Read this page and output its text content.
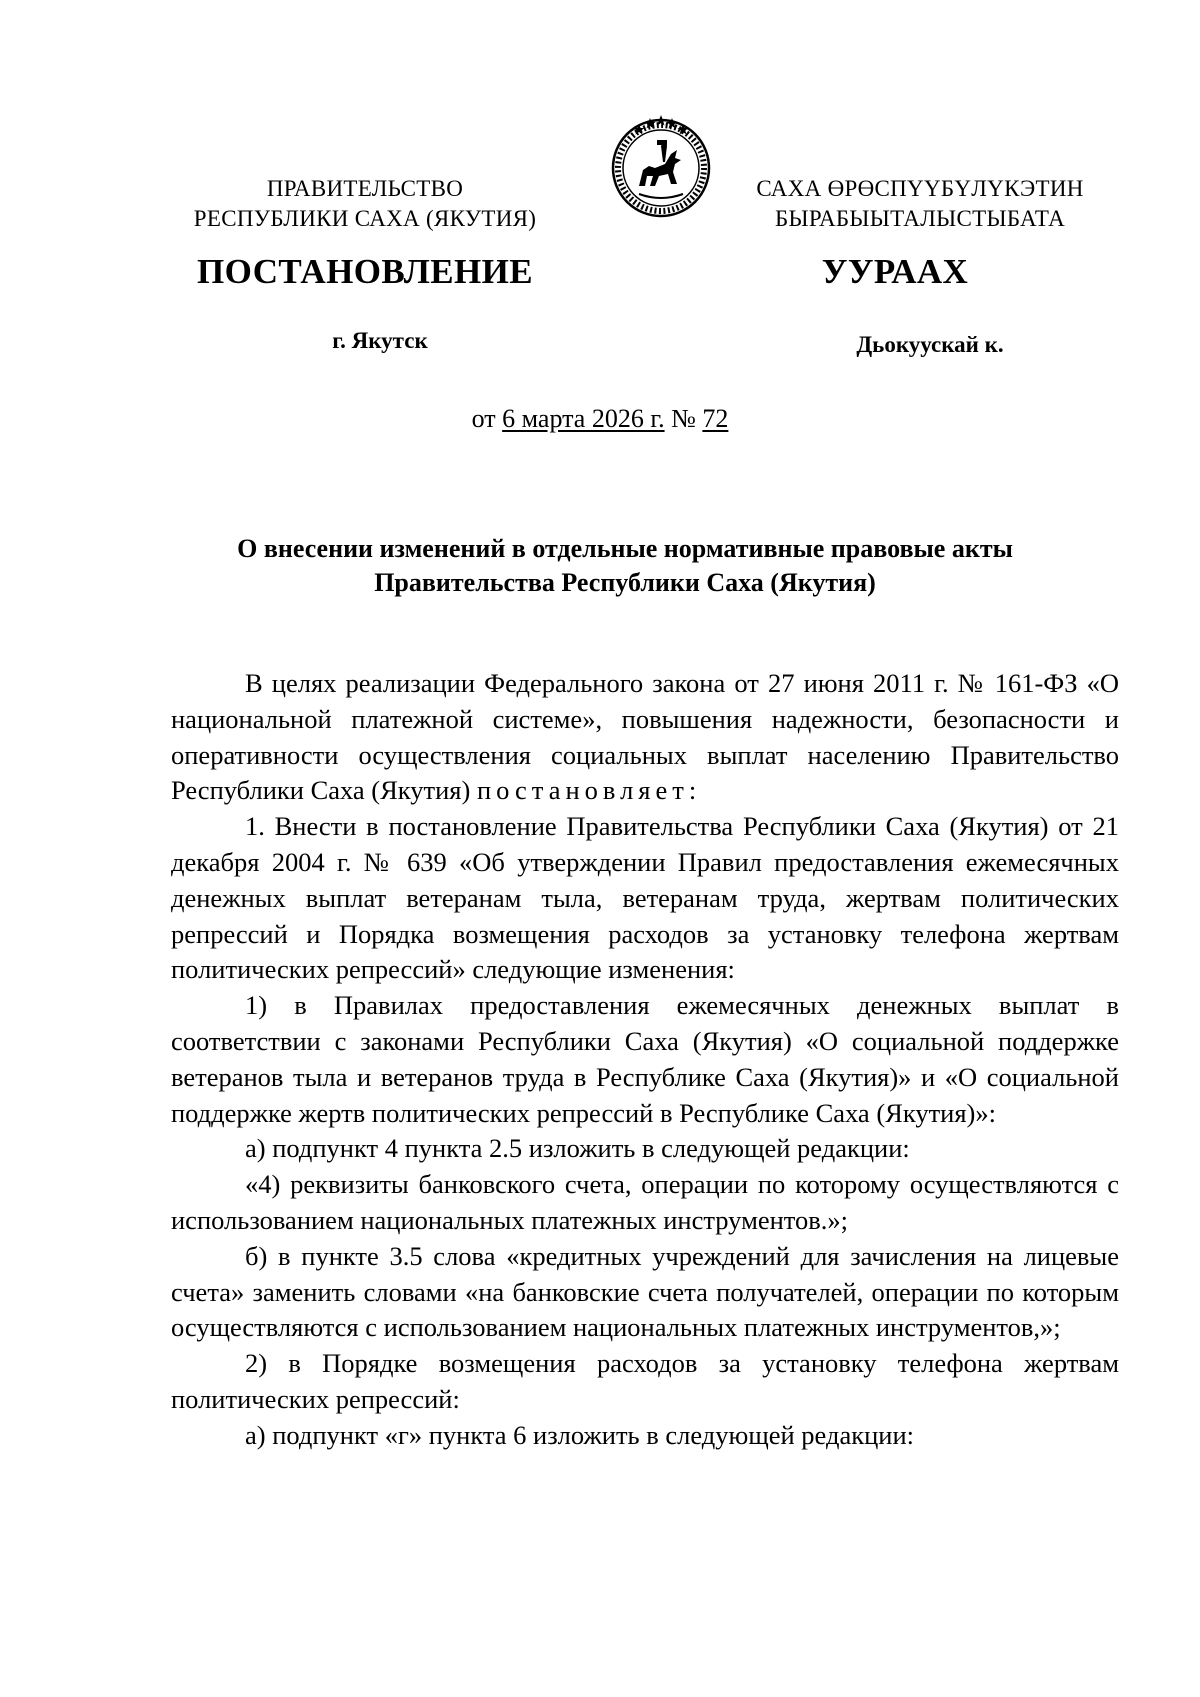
ПРАВИТЕЛЬСТВО
РЕСПУБЛИКИ САХА (ЯКУТИЯ)
САХА ӨРӨСПҮҮБҮЛҮКЭТИН
БЫРАБЫЫТАЛЫСТЫБАТА
ПОСТАНОВЛЕНИЕ	УУРААХ
г. Якутск	Дьокуускай к.
от 6 марта 2026 г. № 72
О внесении изменений в отдельные нормативные правовые акты
Правительства Республики Саха (Якутия)

В целях реализации Федерального закона от 27 июня 2011 г. № 161-ФЗ «О национальной платежной системе», повышения надежности, безопасности и оперативности осуществления социальных выплат населению Правительство Республики Саха (Якутия) постановляет:

1. Внести в постановление Правительства Республики Саха (Якутия) от 21 декабря 2004 г. № 639 «Об утверждении Правил предоставления ежемесячных денежных выплат ветеранам тыла, ветеранам труда, жертвам политических репрессий и Порядка возмещения расходов за установку телефона жертвам политических репрессий» следующие изменения:

1) в Правилах предоставления ежемесячных денежных выплат в соответствии с законами Республики Саха (Якутия) «О социальной поддержке ветеранов тыла и ветеранов труда в Республике Саха (Якутия)» и «О социальной поддержке жертв политических репрессий в Республике Саха (Якутия)»:

а) подпункт 4 пункта 2.5 изложить в следующей редакции:

«4) реквизиты банковского счета, операции по которому осуществляются с использованием национальных платежных инструментов.»;

б) в пункте 3.5 слова «кредитных учреждений для зачисления на лицевые счета» заменить словами «на банковские счета получателей, операции по которым осуществляются с использованием национальных платежных инструментов,»;

2) в Порядке возмещения расходов за установку телефона жертвам политических репрессий:

а) подпункт «г» пункта 6 изложить в следующей редакции:
